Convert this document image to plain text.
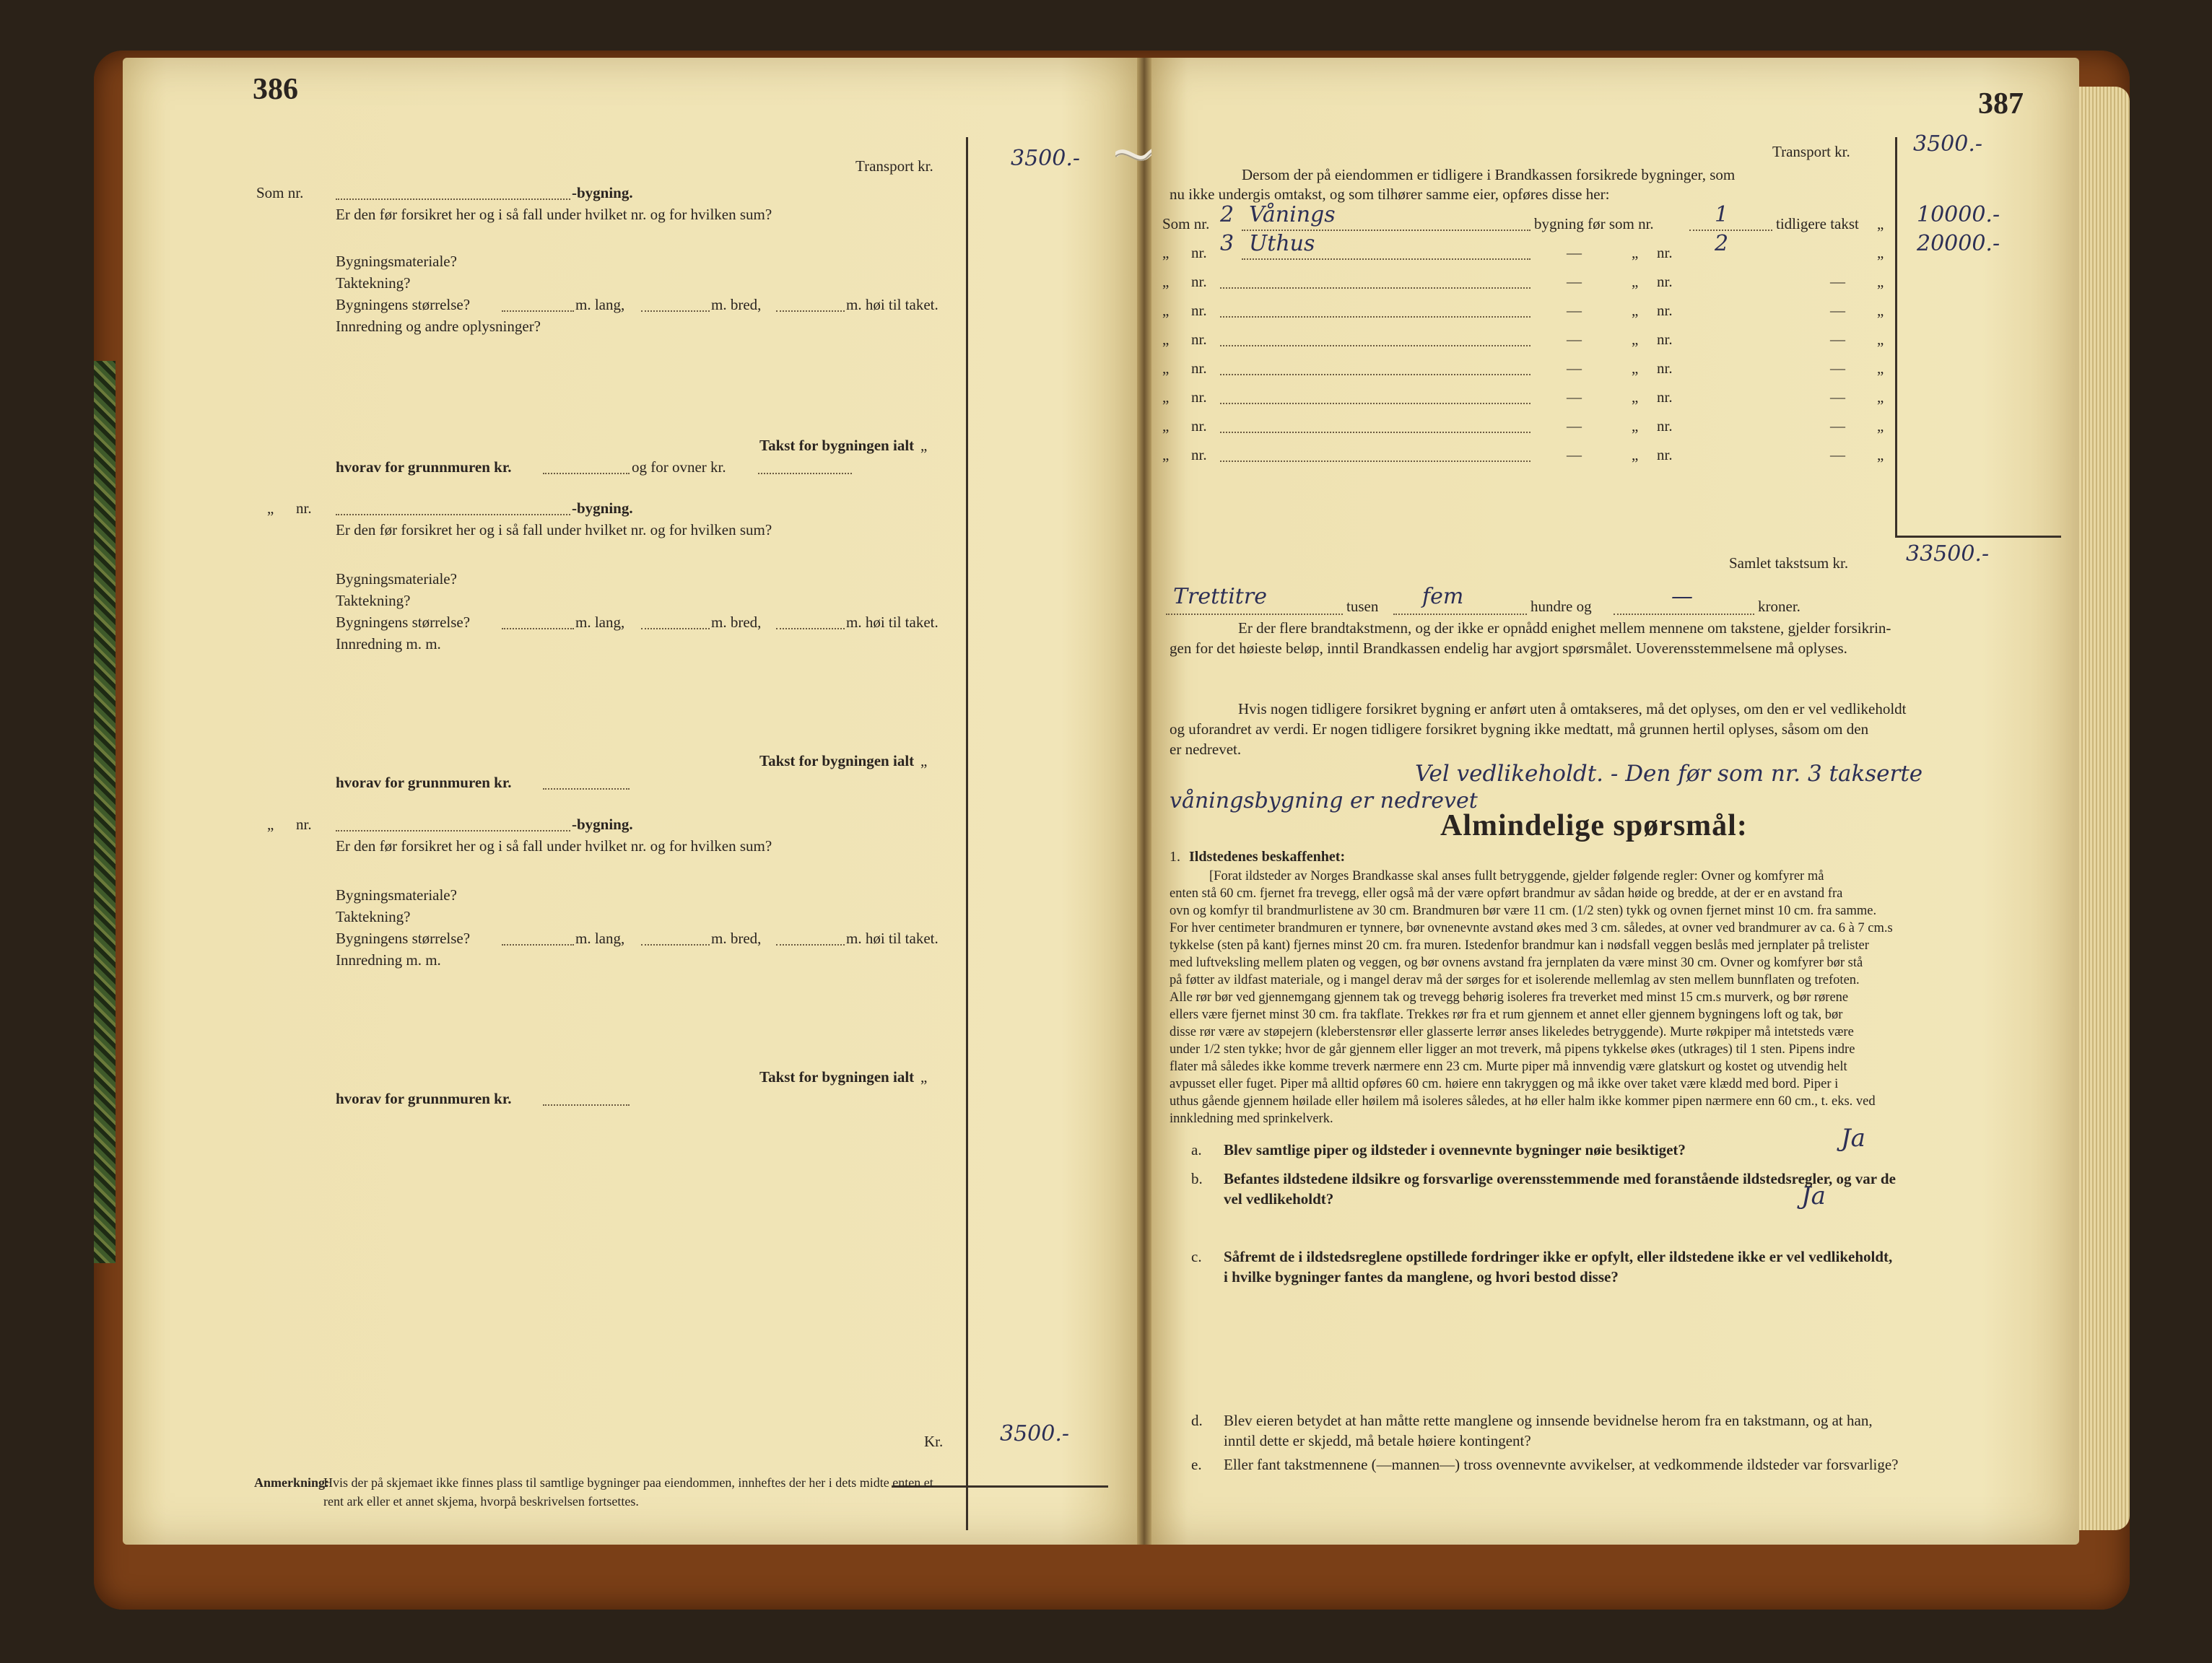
386
Transport kr.	3500.-
Som nr.	-bygning.
Er den før forsikret her og i så fall under hvilket nr. og for hvilken sum?
Bygningsmateriale?
Taktekning?
Bygningens størrelse?	m. lang,	m. bred,	m. høi til taket.
Innredning og andre oplysninger?
Takst for bygningen ialt „
hvorav for grunnmuren kr.	og for ovner kr.
„ nr.	-bygning.
Er den før forsikret her og i så fall under hvilket nr. og for hvilken sum?
Bygningsmateriale?
Taktekning?
Bygningens størrelse?	m. lang,	m. bred,	m. høi til taket.
Innredning m. m.
Takst for bygningen ialt „
hvorav for grunnmuren kr.
„ nr.	-bygning.
Er den før forsikret her og i så fall under hvilket nr. og for hvilken sum?
Bygningsmateriale?
Taktekning?
Bygningens størrelse?	m. lang,	m. bred,	m. høi til taket.
Innredning m. m.
Takst for bygningen ialt „
hvorav for grunnmuren kr.
Kr.	3500.-
Anmerkning:
Hvis der på skjemaet ikke finnes plass til samtlige bygninger paa eiendommen, innheftes der her i dets midte enten et
rent ark eller et annet skjema, hvorpå beskrivelsen fortsettes.
387
Transport kr.	3500.-
Dersom der på eiendommen er tidligere i Brandkassen forsikrede bygninger, som
nu ikke undergis omtakst, og som tilhører samme eier, opføres disse her:
Som nr. 2 Vånings	bygning før som nr.	1	tidligere takst „ 10000.-
„ nr. 3 Uthus	—	„ nr. 2	„ 20000.-
„ nr.	—	„ nr.	— „
„ nr.	—	„ nr.	— „
„ nr.	—	„ nr.	— „
„ nr.	—	„ nr.	— „
„ nr.	—	„ nr.	— „
„ nr.	—	„ nr.	— „
„ nr.	—	„ nr.	— „
Samlet takstsum kr.	33500.-
Trettitre	tusen fem	hundre og	—	kroner.
Er der flere brandtakstmenn, og der ikke er opnådd enighet mellem mennene om takstene, gjelder forsikrin-
gen for det høieste beløp, inntil Brandkassen endelig har avgjort spørsmålet. Uoverensstemmelsene må oplyses.
Hvis nogen tidligere forsikret bygning er anført uten å omtakseres, må det oplyses, om den er vel vedlikeholdt
og uforandret av verdi. Er nogen tidligere forsikret bygning ikke medtatt, må grunnen hertil oplyses, såsom om den
er nedrevet.
Vel vedlikeholdt. - Den før som nr. 3 takserte
våningsbygning er nedrevet
Almindelige spørsmål:
1. Ildstedenes beskaffenhet:
[Forat ildsteder av Norges Brandkasse skal anses fullt betryggende, gjelder følgende regler: Ovner og komfyrer må
enten stå 60 cm. fjernet fra trevegg, eller også må der være opført brandmur av sådan høide og bredde, at der er en avstand fra
ovn og komfyr til brandmurlistene av 30 cm. Brandmuren bør være 11 cm. (1/2 sten) tykk og ovnen fjernet minst 10 cm. fra samme.
For hver centimeter brandmuren er tynnere, bør ovnenevnte avstand økes med 3 cm. således, at ovner ved brandmurer av ca. 6 à 7 cm.s
tykkelse (sten på kant) fjernes minst 20 cm. fra muren. Istedenfor brandmur kan i nødsfall veggen beslås med jernplater på trelister
med luftveksling mellem platen og veggen, og bør ovnens avstand fra jernplaten da være minst 30 cm. Ovner og komfyrer bør stå
på føtter av ildfast materiale, og i mangel derav må der sørges for et isolerende mellemlag av sten mellem bunnflaten og trefoten.
Alle rør bør ved gjennemgang gjennem tak og trevegg behørig isoleres fra treverket med minst 15 cm.s murverk, og bør rørene
ellers være fjernet minst 30 cm. fra takflate. Trekkes rør fra et rum gjennem et annet eller gjennem bygningens loft og tak, bør
disse rør være av støpejern (kleberstensrør eller glasserte lerrør anses likeledes betryggende). Murte røkpiper må intetsteds være
under 1/2 sten tykke; hvor de går gjennem eller ligger an mot treverk, må pipens tykkelse økes (utkrages) til 1 sten. Pipens indre
flater må således ikke komme treverk nærmere enn 23 cm. Murte piper må innvendig være glatskurt og kostet og utvendig helt
avpusset eller fuget. Piper må alltid opføres 60 cm. høiere enn takryggen og må ikke over taket være klædd med bord. Piper i
uthus gående gjennem høilade eller høilem må isoleres således, at hø eller halm ikke kommer pipen nærmere enn 60 cm., t. eks. ved
innkledning med sprinkelverk.
a. Blev samtlige piper og ildsteder i ovennevnte bygninger nøie besiktiget?	Ja
b. Befantes ildstedene ildsikre og forsvarlige overensstemmende med foranstående ildstedsregler, og var de
vel vedlikeholdt?	Ja
c. Såfremt de i ildstedsreglene opstillede fordringer ikke er opfylt, eller ildstedene ikke er vel vedlikeholdt,
i hvilke bygninger fantes da manglene, og hvori bestod disse?
d. Blev eieren betydet at han måtte rette manglene og innsende bevidnelse herom fra en takstmann, og at han,
inntil dette er skjedd, må betale høiere kontingent?
e. Eller fant takstmennene (—mannen—) tross ovennevnte avvikelser, at vedkommende ildsteder var forsvarlige?
